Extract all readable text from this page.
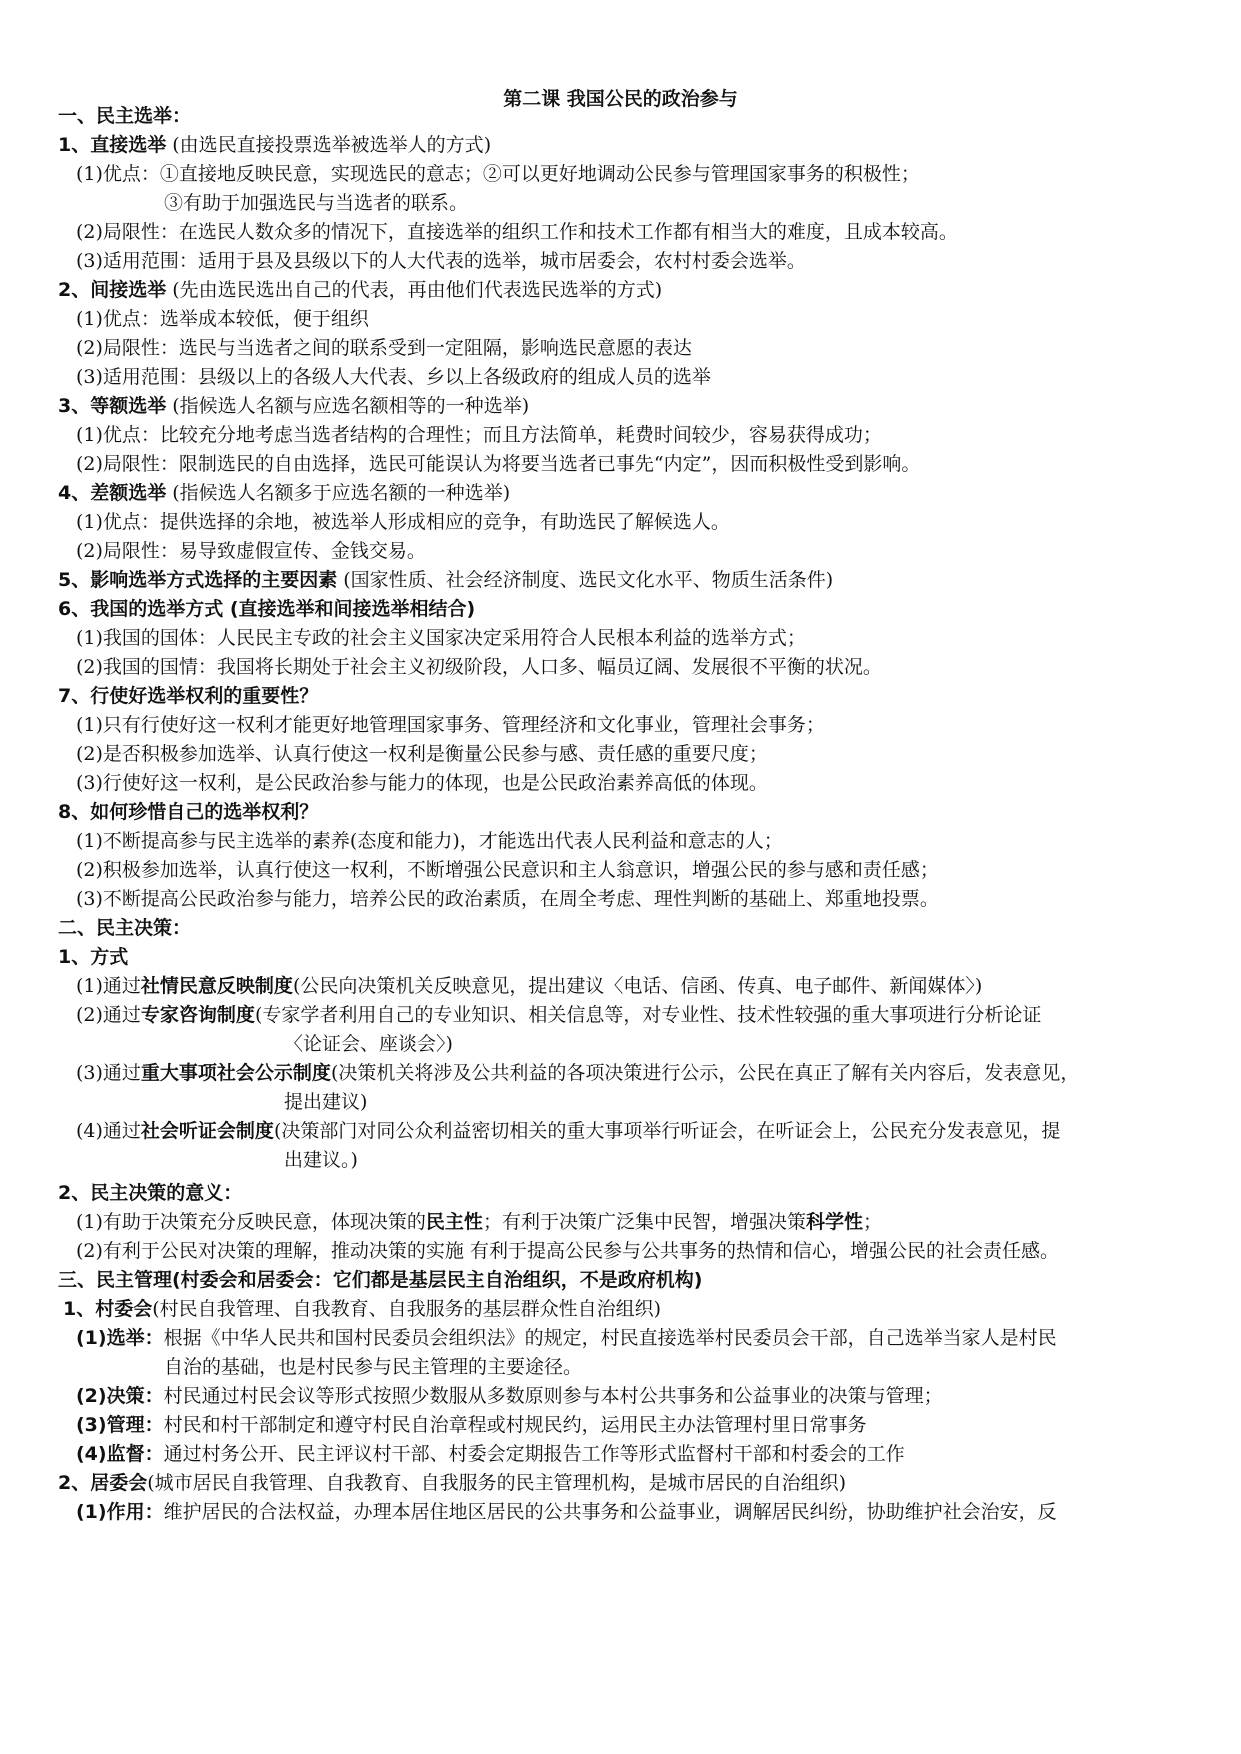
第二课 我国公民的政治参与
一、民主选举：
1、直接选举 (由选民直接投票选举被选举人的方式)
(1)优点：①直接地反映民意，实现选民的意志；②可以更好地调动公民参与管理国家事务的积极性；
③有助于加强选民与当选者的联系。
(2)局限性：在选民人数众多的情况下，直接选举的组织工作和技术工作都有相当大的难度，且成本较高。
(3)适用范围：适用于县及县级以下的人大代表的选举，城市居委会，农村村委会选举。
2、间接选举 (先由选民选出自己的代表，再由他们代表选民选举的方式)
(1)优点：选举成本较低，便于组织
(2)局限性：选民与当选者之间的联系受到一定阻隔，影响选民意愿的表达
(3)适用范围：县级以上的各级人大代表、乡以上各级政府的组成人员的选举
3、等额选举 (指候选人名额与应选名额相等的一种选举)
(1)优点：比较充分地考虑当选者结构的合理性；而且方法简单，耗费时间较少，容易获得成功；
(2)局限性：限制选民的自由选择，选民可能误认为将要当选者已事先“内定”，因而积极性受到影响。
4、差额选举 (指候选人名额多于应选名额的一种选举)
(1)优点：提供选择的余地，被选举人形成相应的竞争，有助选民了解候选人。
(2)局限性：易导致虚假宣传、金钱交易。
5、影响选举方式选择的主要因素 (国家性质、社会经济制度、选民文化水平、物质生活条件)
6、我国的选举方式 (直接选举和间接选举相结合)
(1)我国的国体：人民民主专政的社会主义国家决定采用符合人民根本利益的选举方式；
(2)我国的国情：我国将长期处于社会主义初级阶段，人口多、幅员辽阔、发展很不平衡的状况。
7、行使好选举权利的重要性？
(1)只有行使好这一权利才能更好地管理国家事务、管理经济和文化事业，管理社会事务；
(2)是否积极参加选举、认真行使这一权利是衡量公民参与感、责任感的重要尺度；
(3)行使好这一权利，是公民政治参与能力的体现，也是公民政治素养高低的体现。
8、如何珍惜自己的选举权利？
(1)不断提高参与民主选举的素养(态度和能力)，才能选出代表人民利益和意志的人；
(2)积极参加选举，认真行使这一权利，不断增强公民意识和主人翁意识，增强公民的参与感和责任感；
(3)不断提高公民政治参与能力，培养公民的政治素质，在周全考虑、理性判断的基础上、郑重地投票。
二、民主决策：
1、方式
(1)通过社情民意反映制度(公民向决策机关反映意见，提出建议〈电话、信函、传真、电子邮件、新闻媒体〉)
(2)通过专家咨询制度(专家学者利用自己的专业知识、相关信息等，对专业性、技术性较强的重大事项进行分析论证
〈论证会、座谈会〉)
(3)通过重大事项社会公示制度(决策机关将涉及公共利益的各项决策进行公示，公民在真正了解有关内容后，发表意见，
提出建议)
(4)通过社会听证会制度(决策部门对同公众利益密切相关的重大事项举行听证会，在听证会上，公民充分发表意见，提
出建议。)
2、民主决策的意义：
(1)有助于决策充分反映民意，体现决策的民主性；有利于决策广泛集中民智，增强决策科学性；
(2)有利于公民对决策的理解，推动决策的实施 有利于提高公民参与公共事务的热情和信心，增强公民的社会责任感。
三、民主管理(村委会和居委会：它们都是基层民主自治组织，不是政府机构)
1、村委会(村民自我管理、自我教育、自我服务的基层群众性自治组织)
(1)选举：根据《中华人民共和国村民委员会组织法》的规定，村民直接选举村民委员会干部，自己选举当家人是村民
自治的基础，也是村民参与民主管理的主要途径。
(2)决策：村民通过村民会议等形式按照少数服从多数原则参与本村公共事务和公益事业的决策与管理；
(3)管理：村民和村干部制定和遵守村民自治章程或村规民约，运用民主办法管理村里日常事务
(4)监督：通过村务公开、民主评议村干部、村委会定期报告工作等形式监督村干部和村委会的工作
2、居委会(城市居民自我管理、自我教育、自我服务的民主管理机构，是城市居民的自治组织)
(1)作用：维护居民的合法权益，办理本居住地区居民的公共事务和公益事业，调解居民纠纷，协助维护社会治安，反
